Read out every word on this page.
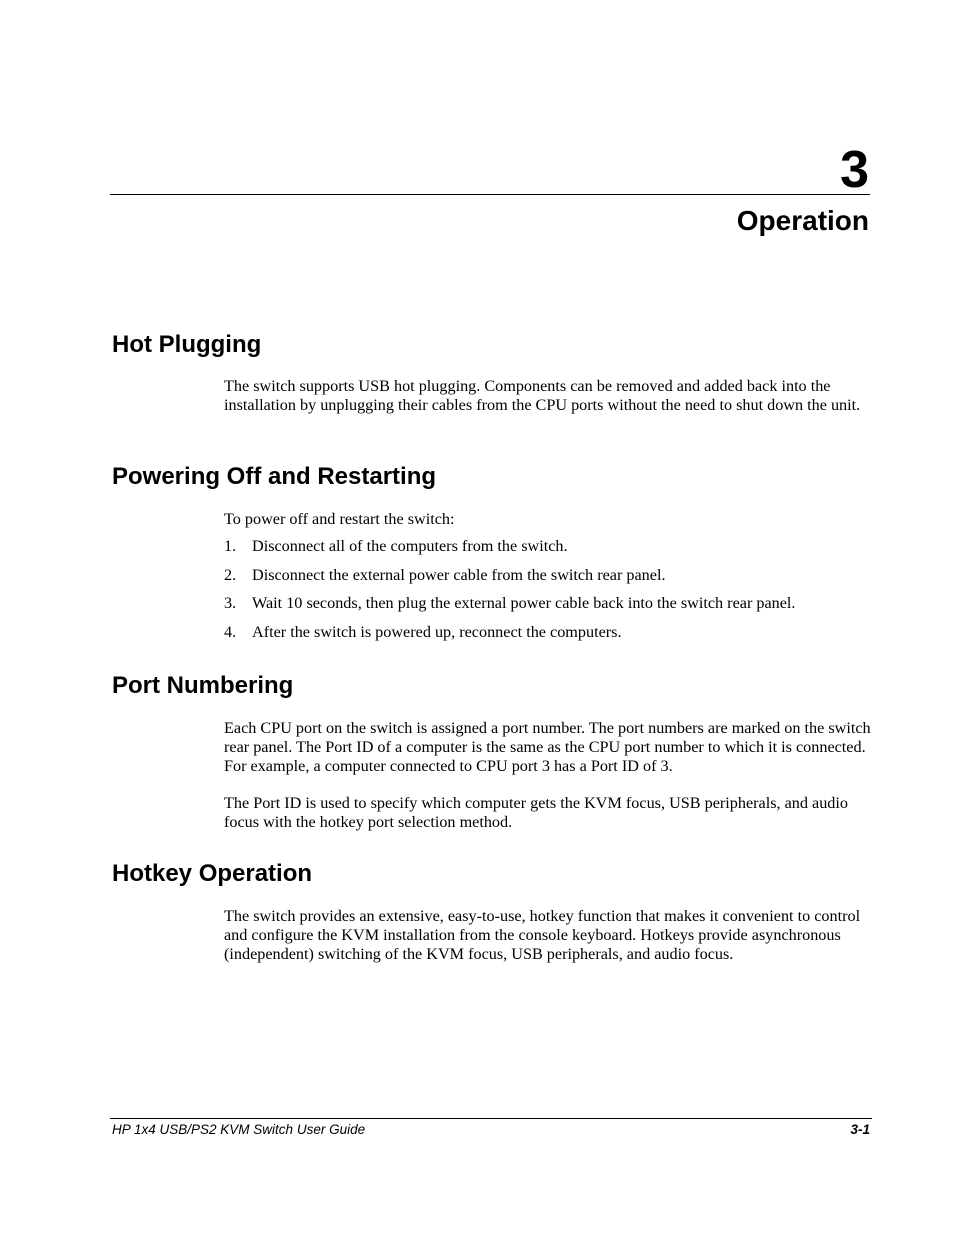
3
Operation
Hot Plugging

The switch supports USB hot plugging. Components can be removed and added back into the installation by unplugging their cables from the CPU ports without the need to shut down the unit.

Powering Off and Restarting

To power off and restart the switch:

1. Disconnect all of the computers from the switch.
2. Disconnect the external power cable from the switch rear panel.
3. Wait 10 seconds, then plug the external power cable back into the switch rear panel.
4. After the switch is powered up, reconnect the computers.
Port Numbering

Each CPU port on the switch is assigned a port number. The port numbers are marked on the switch rear panel. The Port ID of a computer is the same as the CPU port number to which it is connected. For example, a computer connected to CPU port 3 has a Port ID of 3.

The Port ID is used to specify which computer gets the KVM focus, USB peripherals, and audio focus with the hotkey port selection method.

Hotkey Operation

The switch provides an extensive, easy-to-use, hotkey function that makes it convenient to control and configure the KVM installation from the console keyboard. Hotkeys provide asynchronous (independent) switching of the KVM focus, USB peripherals, and audio focus.

HP 1x4 USB/PS2 KVM Switch User Guide	3-1
